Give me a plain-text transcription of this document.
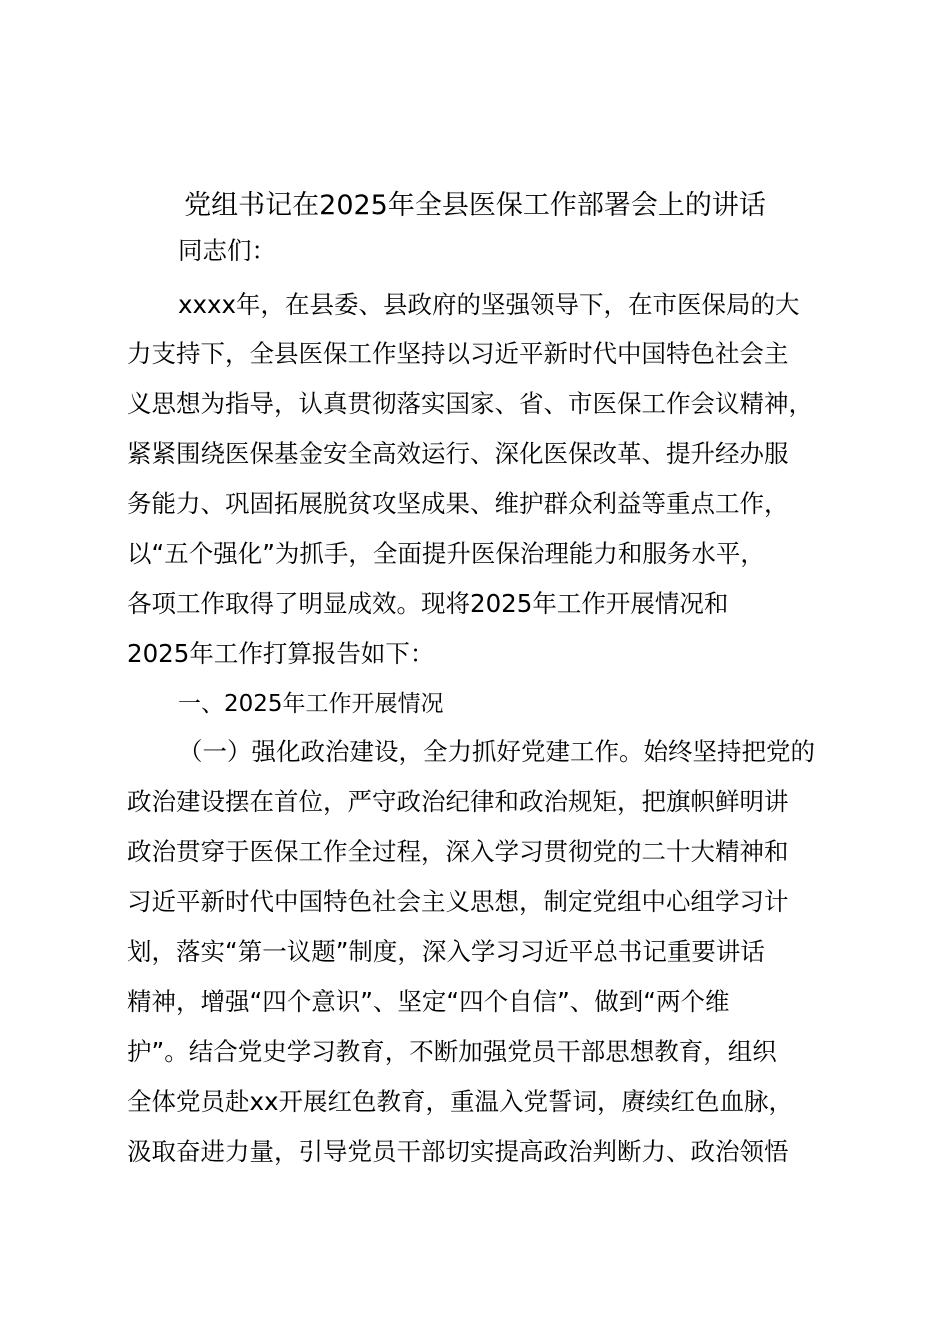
党组书记在2025年全县医保工作部署会上的讲话

同志们：

xxxx年，在县委、县政府的坚强领导下，在市医保局的大

力支持下，全县医保工作坚持以习近平新时代中国特色社会主

义思想为指导，认真贯彻落实国家、省、市医保工作会议精神，

紧紧围绕医保基金安全高效运行、深化医保改革、提升经办服

务能力、巩固拓展脱贫攻坚成果、维护群众利益等重点工作，

以“五个强化”为抓手，全面提升医保治理能力和服务水平，

各项工作取得了明显成效。现将2025年工作开展情况和

2025年工作打算报告如下：

一、2025年工作开展情况

（一）强化政治建设，全力抓好党建工作。始终坚持把党的

政治建设摆在首位，严守政治纪律和政治规矩，把旗帜鲜明讲

政治贯穿于医保工作全过程，深入学习贯彻党的二十大精神和

习近平新时代中国特色社会主义思想，制定党组中心组学习计

划，落实“第一议题”制度，深入学习习近平总书记重要讲话

精神，增强“四个意识”、坚定“四个自信”、做到“两个维

护”。结合党史学习教育，不断加强党员干部思想教育，组织

全体党员赴xx开展红色教育，重温入党誓词，赓续红色血脉，

汲取奋进力量，引导党员干部切实提高政治判断力、政治领悟
